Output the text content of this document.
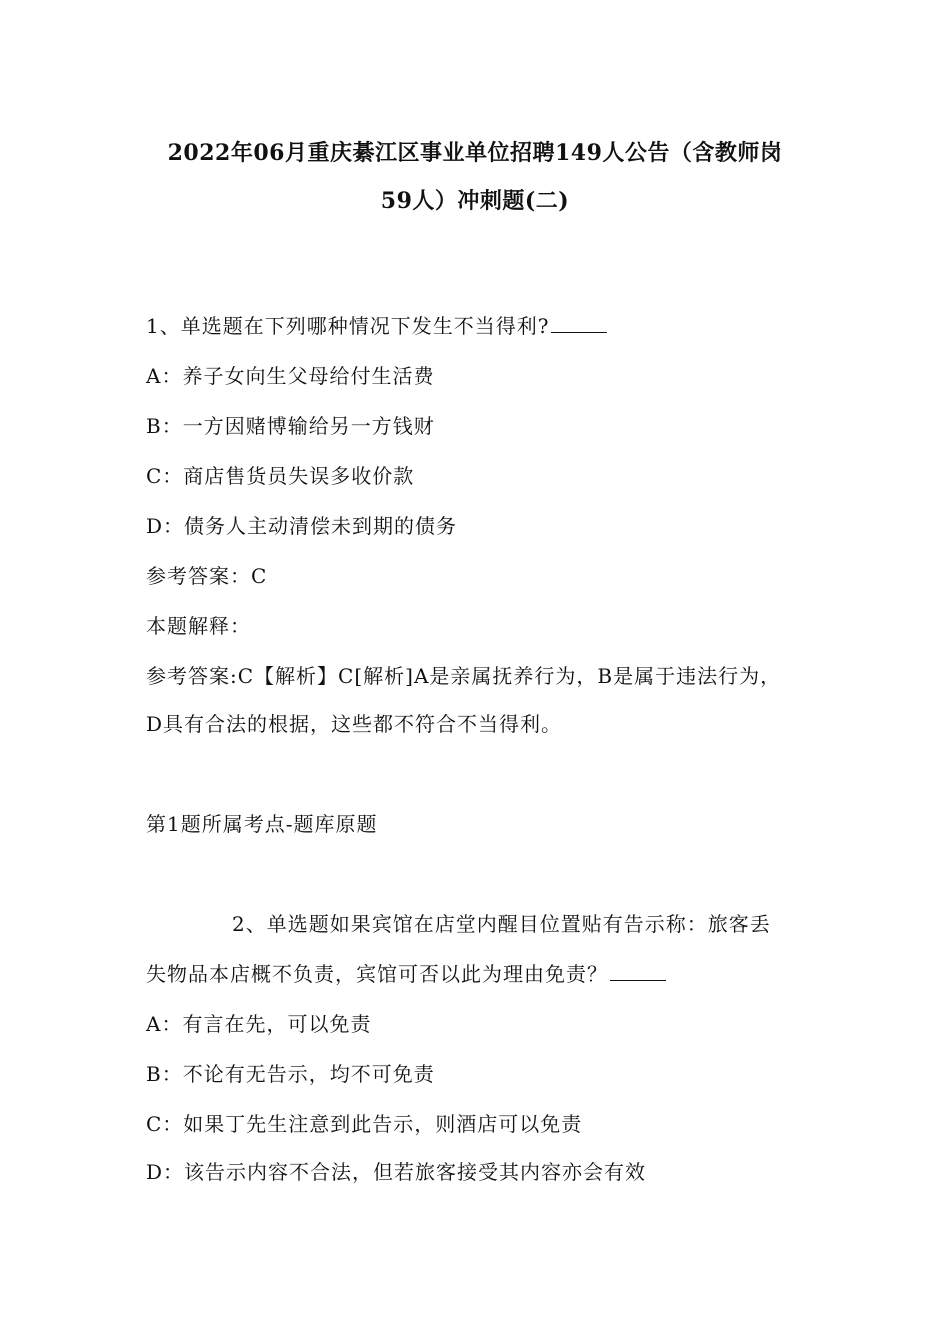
2022年06月重庆綦江区事业单位招聘149人公告（含教师岗
59人）冲刺题(二)
1、单选题在下列哪种情况下发生不当得利?
A：养子女向生父母给付生活费
B：一方因赌博输给另一方钱财
C：商店售货员失误多收价款
D：债务人主动清偿未到期的债务
参考答案：C
本题解释：
参考答案:C【解析】C[解析]A是亲属抚养行为，B是属于违法行为，
D具有合法的根据，这些都不符合不当得利。
第1题所属考点-题库原题
2、单选题如果宾馆在店堂内醒目位置贴有告示称：旅客丢
失物品本店概不负责，宾馆可否以此为理由免责？
A：有言在先，可以免责
B：不论有无告示，均不可免责
C：如果丁先生注意到此告示，则酒店可以免责
D：该告示内容不合法，但若旅客接受其内容亦会有效
